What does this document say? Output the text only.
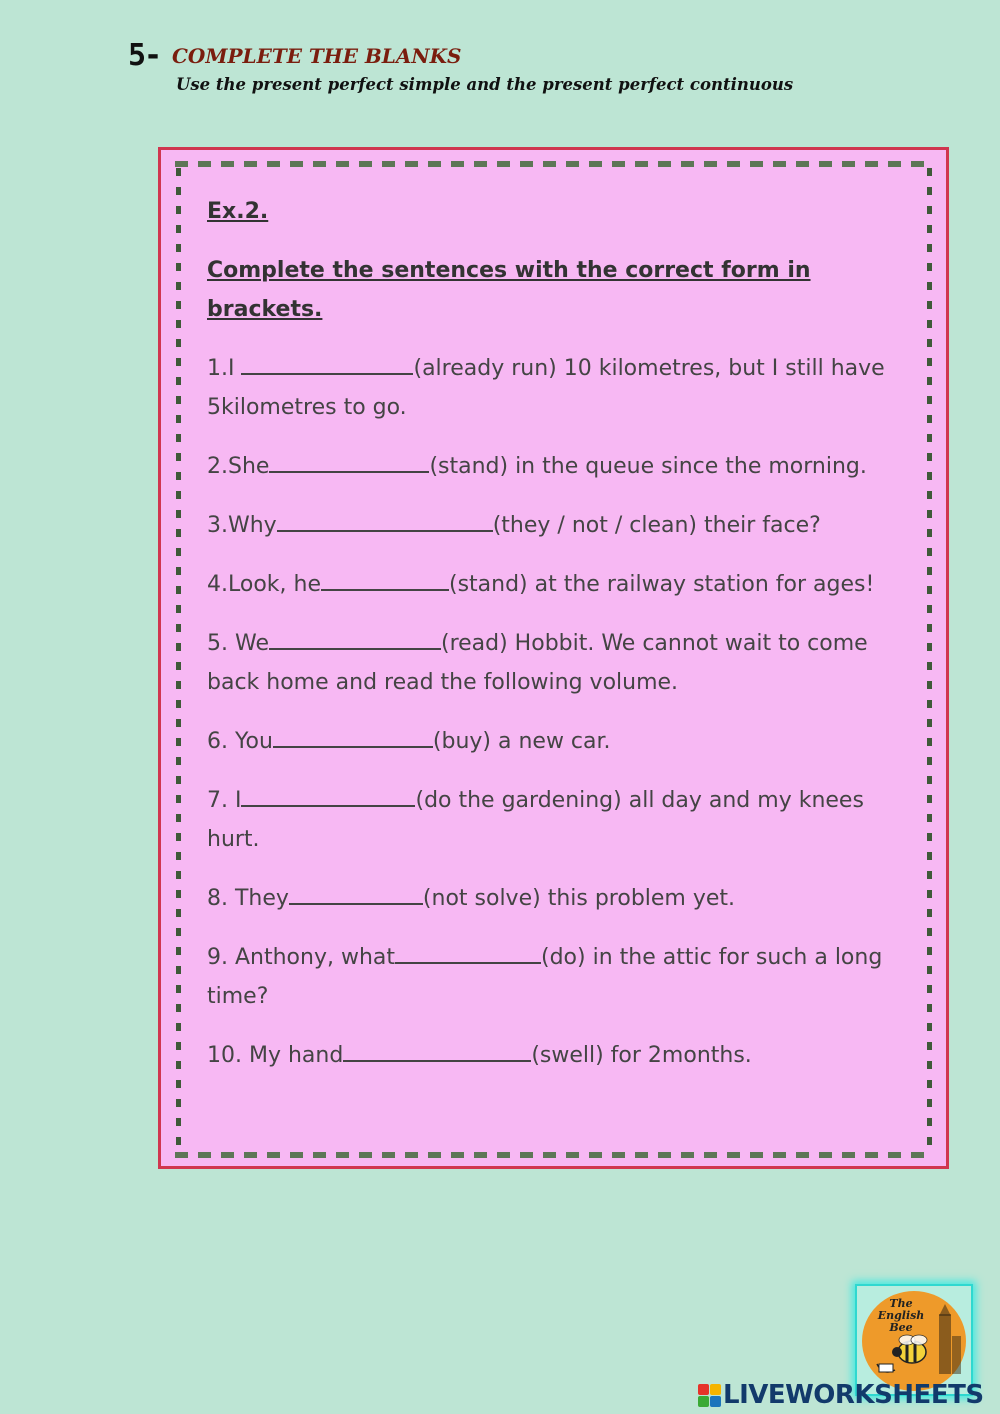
5- COMPLETE THE BLANKS
Use the present perfect simple and the present perfect continuous
Ex.2.
Complete the sentences with the correct form in brackets.
1.I	(already run) 10 kilometres, but I still have 5kilometres to go.
2.She	(stand) in the queue since the morning.
3.Why	(they / not / clean) their face?
4.Look, he	(stand) at the railway station for ages!
5. We	(read) Hobbit. We cannot wait to come back home and read the following volume.
6. You	(buy) a new car.
7. I	(do the gardening) all day and my knees hurt.
8. They	(not solve) this problem yet.
9. Anthony, what	(do) in the attic for such a long time?
10. My hand	(swell) for 2months.
The English Bee
LIVEWORKSHEETS
